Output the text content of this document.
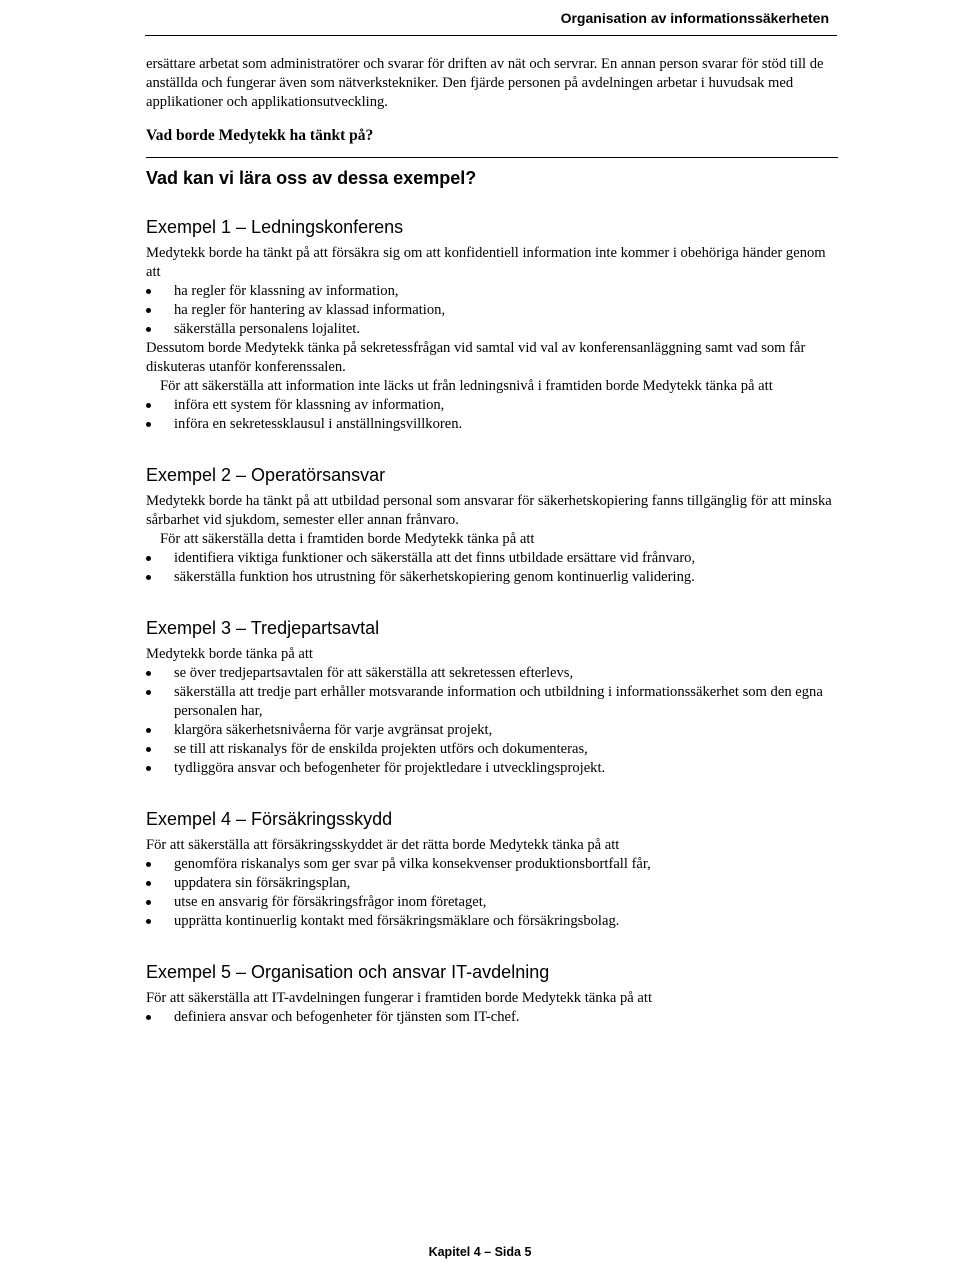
Organisation av informationssäkerheten

ersättare arbetat som administratörer och svarar för driften av nät och servrar. En annan person svarar för stöd till de anställda och fungerar även som nätverkstekniker. Den fjärde personen på avdelningen arbetar i huvudsak med applikationer och applikationsutveckling.

Vad borde Medytekk ha tänkt på?

Vad kan vi lära oss av dessa exempel?

Exempel 1 – Ledningskonferens

Medytekk borde ha tänkt på att försäkra sig om att konfidentiell information inte kommer i obehöriga händer genom att

ha regler för klassning av information,
ha regler för hantering av klassad information,
säkerställa personalens lojalitet.

Dessutom borde Medytekk tänka på sekretessfrågan vid samtal vid val av konferensanläggning samt vad som får diskuteras utanför konferenssalen.

För att säkerställa att information inte läcks ut från ledningsnivå i framtiden borde Medytekk tänka på att

införa ett system för klassning av information,
införa en sekretessklausul i anställningsvillkoren.

Exempel 2 – Operatörsansvar

Medytekk borde ha tänkt på att utbildad personal som ansvarar för säkerhetskopiering fanns tillgänglig för att minska sårbarhet vid sjukdom, semester eller annan frånvaro.

För att säkerställa detta i framtiden borde Medytekk tänka på att

identifiera viktiga funktioner och säkerställa att det finns utbildade ersättare vid frånvaro,
säkerställa funktion hos utrustning för säkerhetskopiering genom kontinuerlig validering.

Exempel 3 – Tredjepartsavtal

Medytekk borde tänka på att

se över tredjepartsavtalen för att säkerställa att sekretessen efterlevs,
säkerställa att tredje part erhåller motsvarande information och utbildning i informationssäkerhet som den egna personalen har,
klargöra säkerhetsnivåerna för varje avgränsat projekt,
se till att riskanalys för de enskilda projekten utförs och dokumenteras,
tydliggöra ansvar och befogenheter för projektledare i utvecklingsprojekt.

Exempel 4 – Försäkringsskydd

För att säkerställa att försäkringsskyddet är det rätta borde Medytekk tänka på att

genomföra riskanalys som ger svar på vilka konsekvenser produktionsbortfall får,
uppdatera sin försäkringsplan,
utse en ansvarig för försäkringsfrågor inom företaget,
upprätta kontinuerlig kontakt med försäkringsmäklare och försäkringsbolag.

Exempel 5 – Organisation och ansvar IT-avdelning

För att säkerställa att IT-avdelningen fungerar i framtiden borde Medytekk tänka på att

definiera ansvar och befogenheter för tjänsten som IT-chef.
Kapitel 4 – Sida 5
